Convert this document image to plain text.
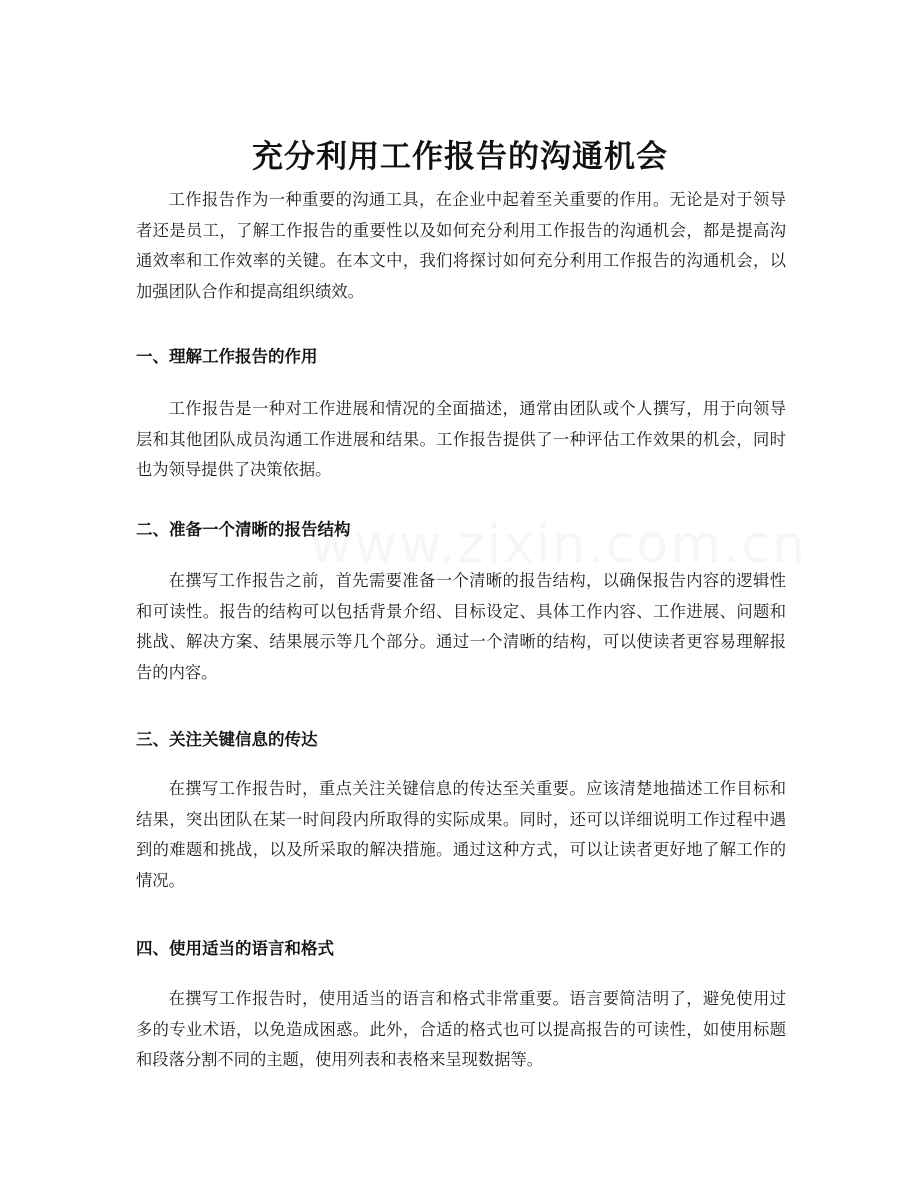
充分利用工作报告的沟通机会

工作报告作为一种重要的沟通工具，在企业中起着至关重要的作用。无论是对于领导者还是员工，了解工作报告的重要性以及如何充分利用工作报告的沟通机会，都是提高沟通效率和工作效率的关键。在本文中，我们将探讨如何充分利用工作报告的沟通机会，以加强团队合作和提高组织绩效。

一、理解工作报告的作用

工作报告是一种对工作进展和情况的全面描述，通常由团队或个人撰写，用于向领导层和其他团队成员沟通工作进展和结果。工作报告提供了一种评估工作效果的机会，同时也为领导提供了决策依据。

二、准备一个清晰的报告结构

在撰写工作报告之前，首先需要准备一个清晰的报告结构，以确保报告内容的逻辑性和可读性。报告的结构可以包括背景介绍、目标设定、具体工作内容、工作进展、问题和挑战、解决方案、结果展示等几个部分。通过一个清晰的结构，可以使读者更容易理解报告的内容。

三、关注关键信息的传达

在撰写工作报告时，重点关注关键信息的传达至关重要。应该清楚地描述工作目标和结果，突出团队在某一时间段内所取得的实际成果。同时，还可以详细说明工作过程中遇到的难题和挑战，以及所采取的解决措施。通过这种方式，可以让读者更好地了解工作的情况。

四、使用适当的语言和格式

在撰写工作报告时，使用适当的语言和格式非常重要。语言要简洁明了，避免使用过多的专业术语，以免造成困惑。此外，合适的格式也可以提高报告的可读性，如使用标题和段落分割不同的主题，使用列表和表格来呈现数据等。
